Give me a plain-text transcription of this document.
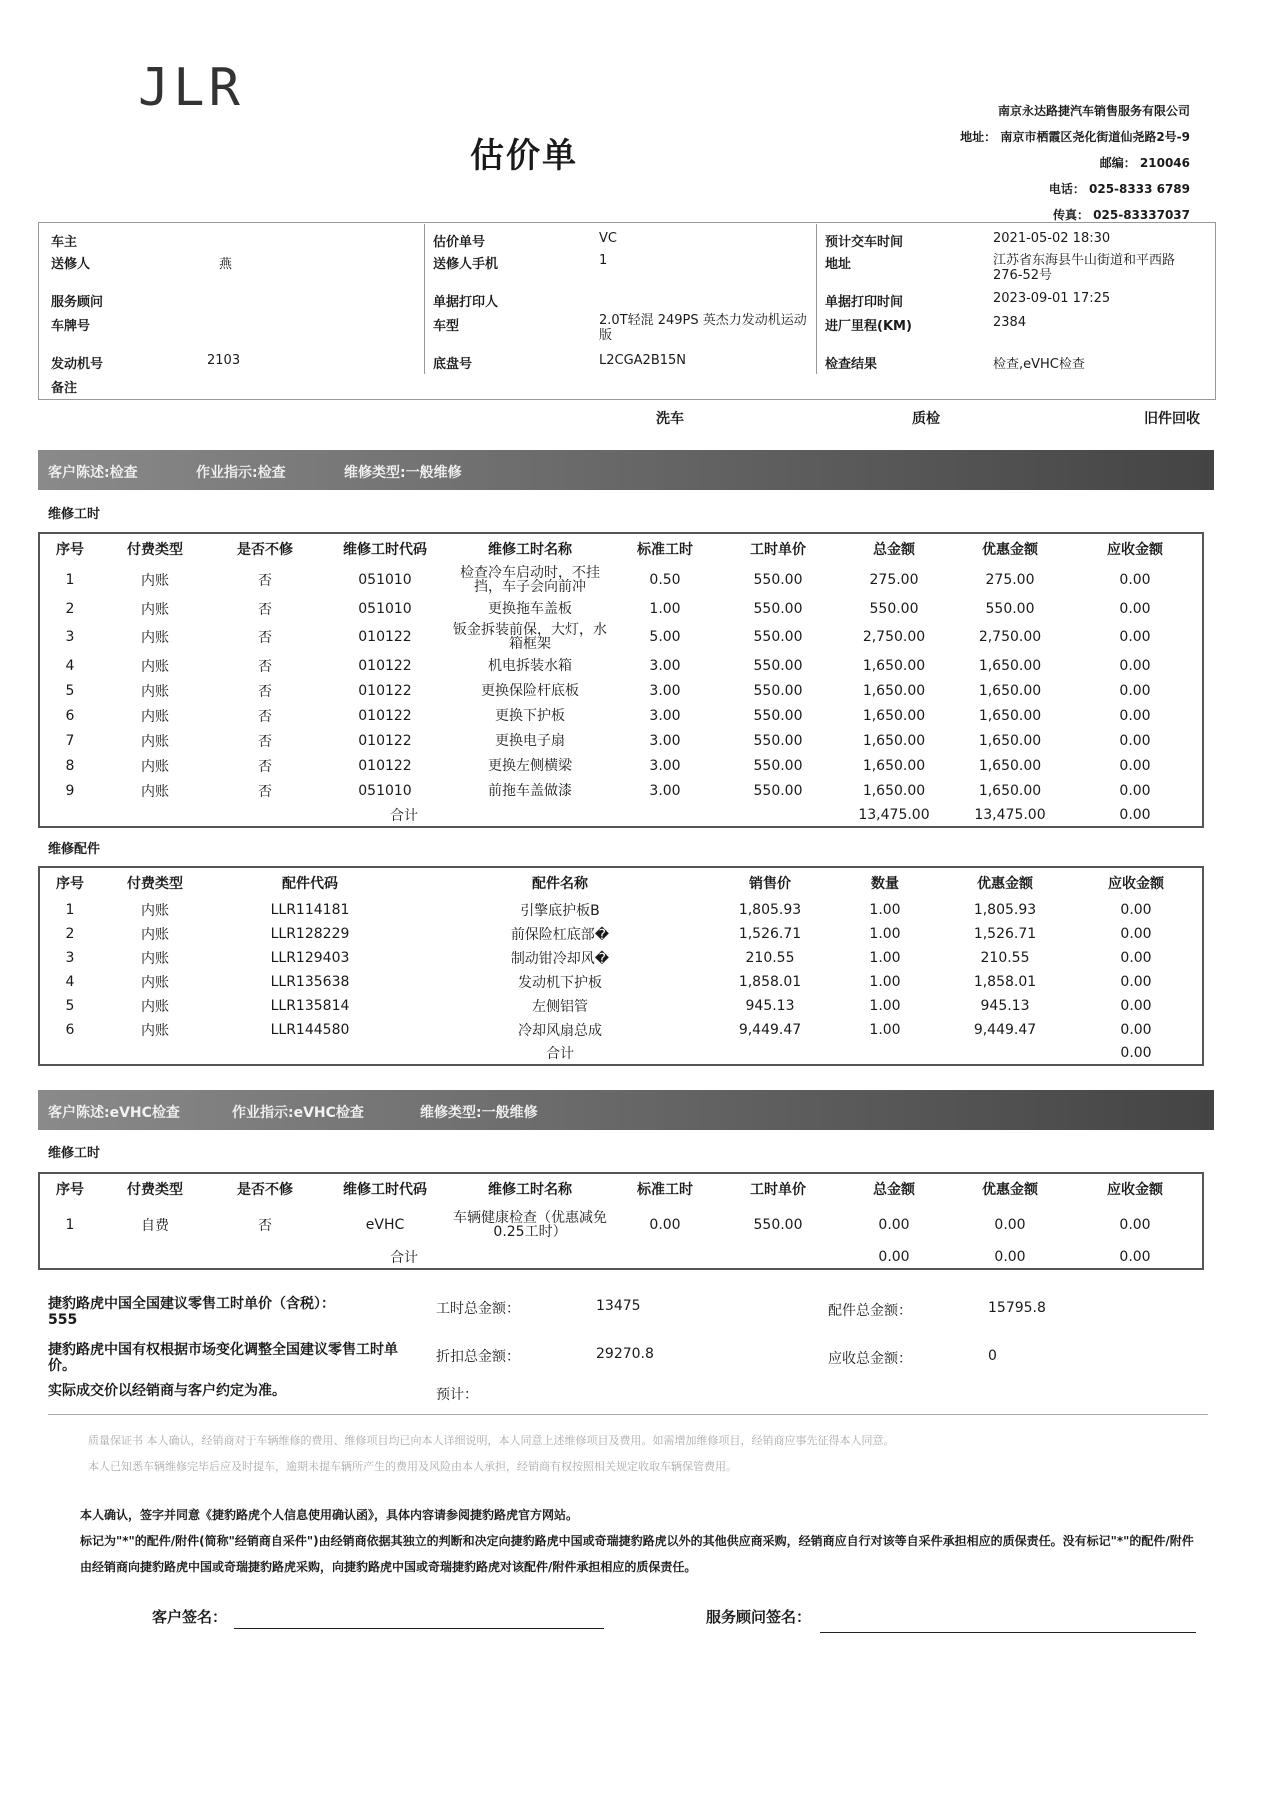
JLR
估价单
南京永达路捷汽车销售服务有限公司
地址： 南京市栖霞区尧化街道仙尧路2号-9
邮编： 210046
电话： 025-8333 6789
传真： 025-83337037
车主
送修人	燕
服务顾问
车牌号
发动机号	2103
备注
估价单号	VC
送修人手机	1
单据打印人
车型	2.0T轻混 249PS 英杰力发动机运动版
底盘号	L2CGA2B15N
预计交车时间	2021-05-02 18:30
地址	江苏省东海县牛山街道和平西路276-52号
单据打印时间	2023-09-01 17:25
进厂里程(KM)	2384
检查结果	检查,eVHC检查
洗车	质检	旧件回收
客户陈述:检查	作业指示:检查	维修类型:一般维修
维修工时
序号	付费类型	是否不修	维修工时代码	维修工时名称	标准工时	工时单价	总金额	优惠金额	应收金额
1	内账	否	051010	检查冷车启动时，不挂挡，车子会向前冲	0.50	550.00	275.00	275.00	0.00
2	内账	否	051010	更换拖车盖板	1.00	550.00	550.00	550.00	0.00
3	内账	否	010122	钣金拆装前保，大灯，水箱框架	5.00	550.00	2,750.00	2,750.00	0.00
4	内账	否	010122	机电拆装水箱	3.00	550.00	1,650.00	1,650.00	0.00
5	内账	否	010122	更换保险杆底板	3.00	550.00	1,650.00	1,650.00	0.00
6	内账	否	010122	更换下护板	3.00	550.00	1,650.00	1,650.00	0.00
7	内账	否	010122	更换电子扇	3.00	550.00	1,650.00	1,650.00	0.00
8	内账	否	010122	更换左侧横梁	3.00	550.00	1,650.00	1,650.00	0.00
9	内账	否	051010	前拖车盖做漆	3.00	550.00	1,650.00	1,650.00	0.00
			合计				13,475.00	13,475.00	0.00
维修配件
序号	付费类型	配件代码	配件名称	销售价	数量	优惠金额	应收金额
1	内账	LLR114181	引擎底护板B	1,805.93	1.00	1,805.93	0.00
2	内账	LLR128229	前保险杠底部�	1,526.71	1.00	1,526.71	0.00
3	内账	LLR129403	制动钳冷却风�	210.55	1.00	210.55	0.00
4	内账	LLR135638	发动机下护板	1,858.01	1.00	1,858.01	0.00
5	内账	LLR135814	左侧铝管	945.13	1.00	945.13	0.00
6	内账	LLR144580	冷却风扇总成	9,449.47	1.00	9,449.47	0.00
			合计				0.00
客户陈述:eVHC检查	作业指示:eVHC检查	维修类型:一般维修
维修工时
序号	付费类型	是否不修	维修工时代码	维修工时名称	标准工时	工时单价	总金额	优惠金额	应收金额
1	自费	否	eVHC	车辆健康检查（优惠减免0.25工时）	0.00	550.00	0.00	0.00	0.00
			合计				0.00	0.00	0.00
捷豹路虎中国全国建议零售工时单价（含税）：
555
捷豹路虎中国有权根据市场变化调整全国建议零售工时单价。
实际成交价以经销商与客户约定为准。
工时总金额：	13475
折扣总金额：	29270.8
预计：
配件总金额：	15795.8
应收总金额：	0
质量保证书 本人确认，经销商对于车辆维修的费用、维修项目均已向本人详细说明，本人同意上述维修项目及费用。如需增加维修项目，经销商应事先征得本人同意。
本人已知悉车辆维修完毕后应及时提车，逾期未提车辆所产生的费用及风险由本人承担，经销商有权按照相关规定收取车辆保管费用。
本人确认，签字并同意《捷豹路虎个人信息使用确认函》，具体内容请参阅捷豹路虎官方网站。
标记为"*"的配件/附件(简称"经销商自采件")由经销商依据其独立的判断和决定向捷豹路虎中国或奇瑞捷豹路虎以外的其他供应商采购，经销商应自行对该等自采件承担相应的质保责任。没有标记"*"的配件/附件
由经销商向捷豹路虎中国或奇瑞捷豹路虎采购，向捷豹路虎中国或奇瑞捷豹路虎对该配件/附件承担相应的质保责任。
客户签名：	服务顾问签名：
